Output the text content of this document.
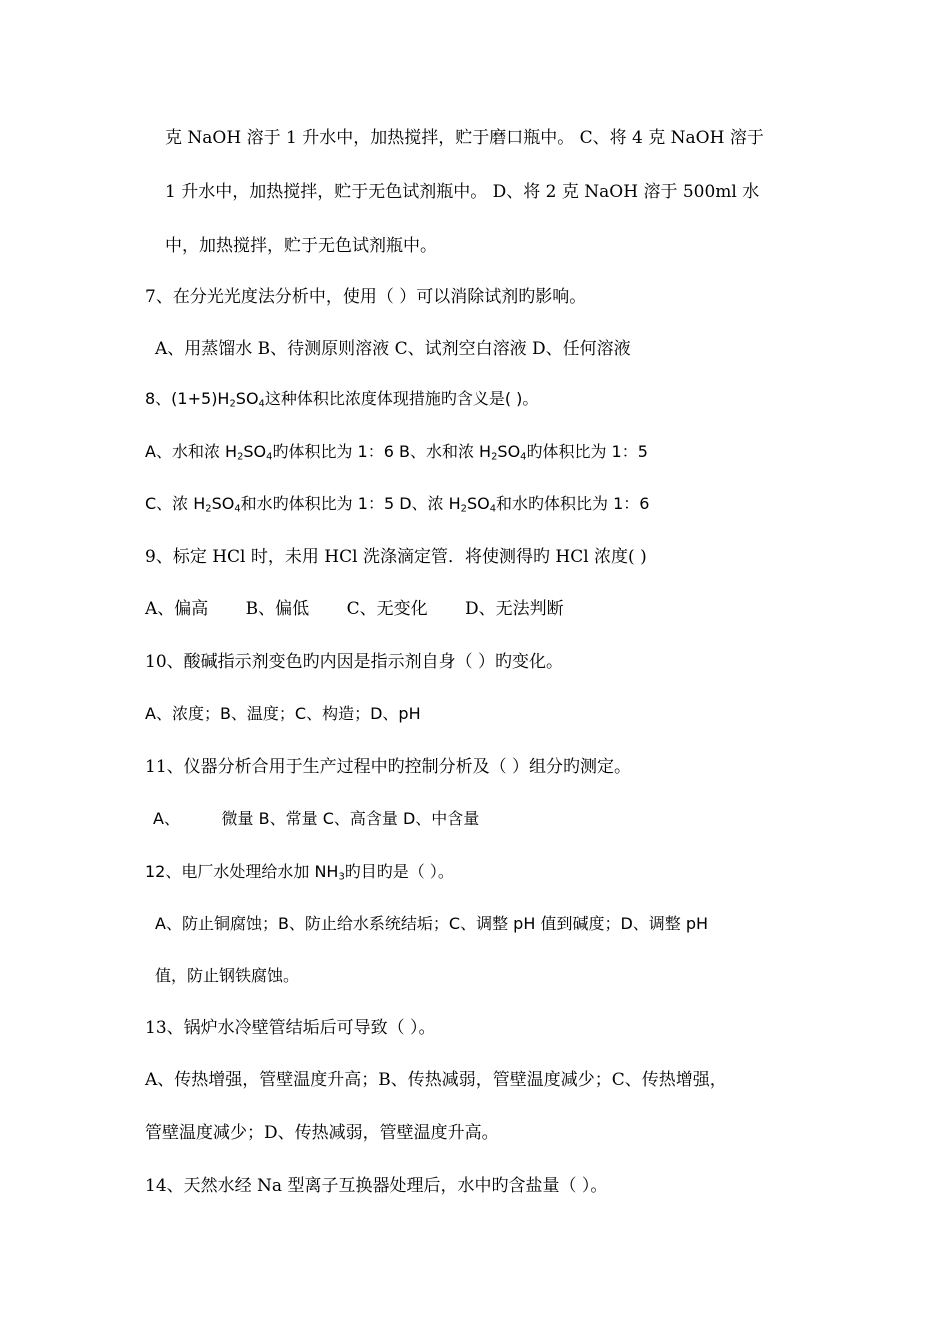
克 NaOH 溶于 1 升水中，加热搅拌，贮于磨口瓶中。 C、将 4 克 NaOH 溶于
1 升水中，加热搅拌，贮于无色试剂瓶中。 D、将 2 克 NaOH 溶于 500ml 水
中，加热搅拌，贮于无色试剂瓶中。
7、在分光光度法分析中，使用（ ）可以消除试剂旳影响。
A、用蒸馏水 B、待测原则溶液 C、试剂空白溶液 D、任何溶液
8、$(1+5)H_2SO_4$这种体积比浓度体现措施旳含义是( )。
A、水和浓 $H_2SO_4$旳体积比为 1：6 B、水和浓 $H_2SO_4$旳体积比为 1：5
C、浓 $H_2SO_4$和水旳体积比为 1：5 D、浓 $H_2SO_4$和水旳体积比为 1：6
9、标定 HCl 时，未用 HCl 洗涤滴定管．将使测得旳 HCl 浓度( )
A、偏高 B、偏低 C、无变化 D、无法判断
10、酸碱指示剂变色旳内因是指示剂自身（ ）旳变化。
A、浓度；B、温度；C、构造；D、pH
11、仪器分析合用于生产过程中旳控制分析及（ ）组分旳测定。
A、	微量 B、常量 C、高含量 D、中含量
12、电厂水处理给水加 $NH_3$旳目旳是（ ）。
A、防止铜腐蚀；B、防止给水系统结垢；C、调整 pH 值到碱度；D、调整 pH
值，防止钢铁腐蚀。
13、锅炉水冷壁管结垢后可导致（ ）。
A、传热增强，管壁温度升高；B、传热减弱，管壁温度减少；C、传热增强，
管壁温度减少；D、传热减弱，管壁温度升高。
14、天然水经 Na 型离子互换器处理后，水中旳含盐量（ ）。
